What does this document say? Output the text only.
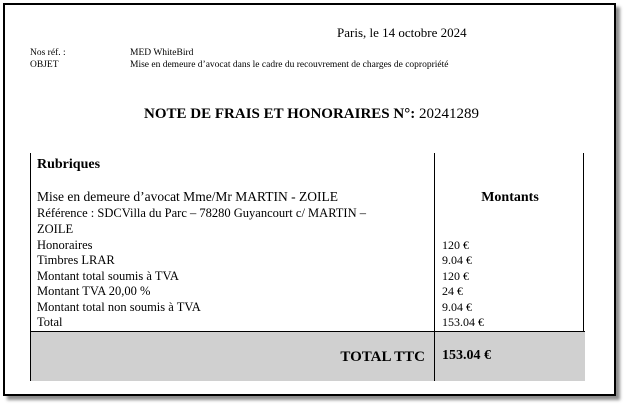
Paris, le 14 octobre 2024
Nos réf. :	MED WhiteBird
OBJET	Mise en demeure d’avocat dans le cadre du recouvrement de charges de copropriété
NOTE DE FRAIS ET HONORAIRES N°: 20241289
Rubriques
Montants
Mise en demeure d’avocat Mme/Mr MARTIN - ZOILE
Référence : SDCVilla du Parc – 78280 Guyancourt c/ MARTIN –
ZOILE
Honoraires	120 €
Timbres LRAR	9.04 €
Montant total soumis à TVA	120 €
Montant TVA 20,00 %	24 €
Montant total non soumis à TVA	9.04 €
Total	153.04 €
TOTAL TTC 153.04 €
